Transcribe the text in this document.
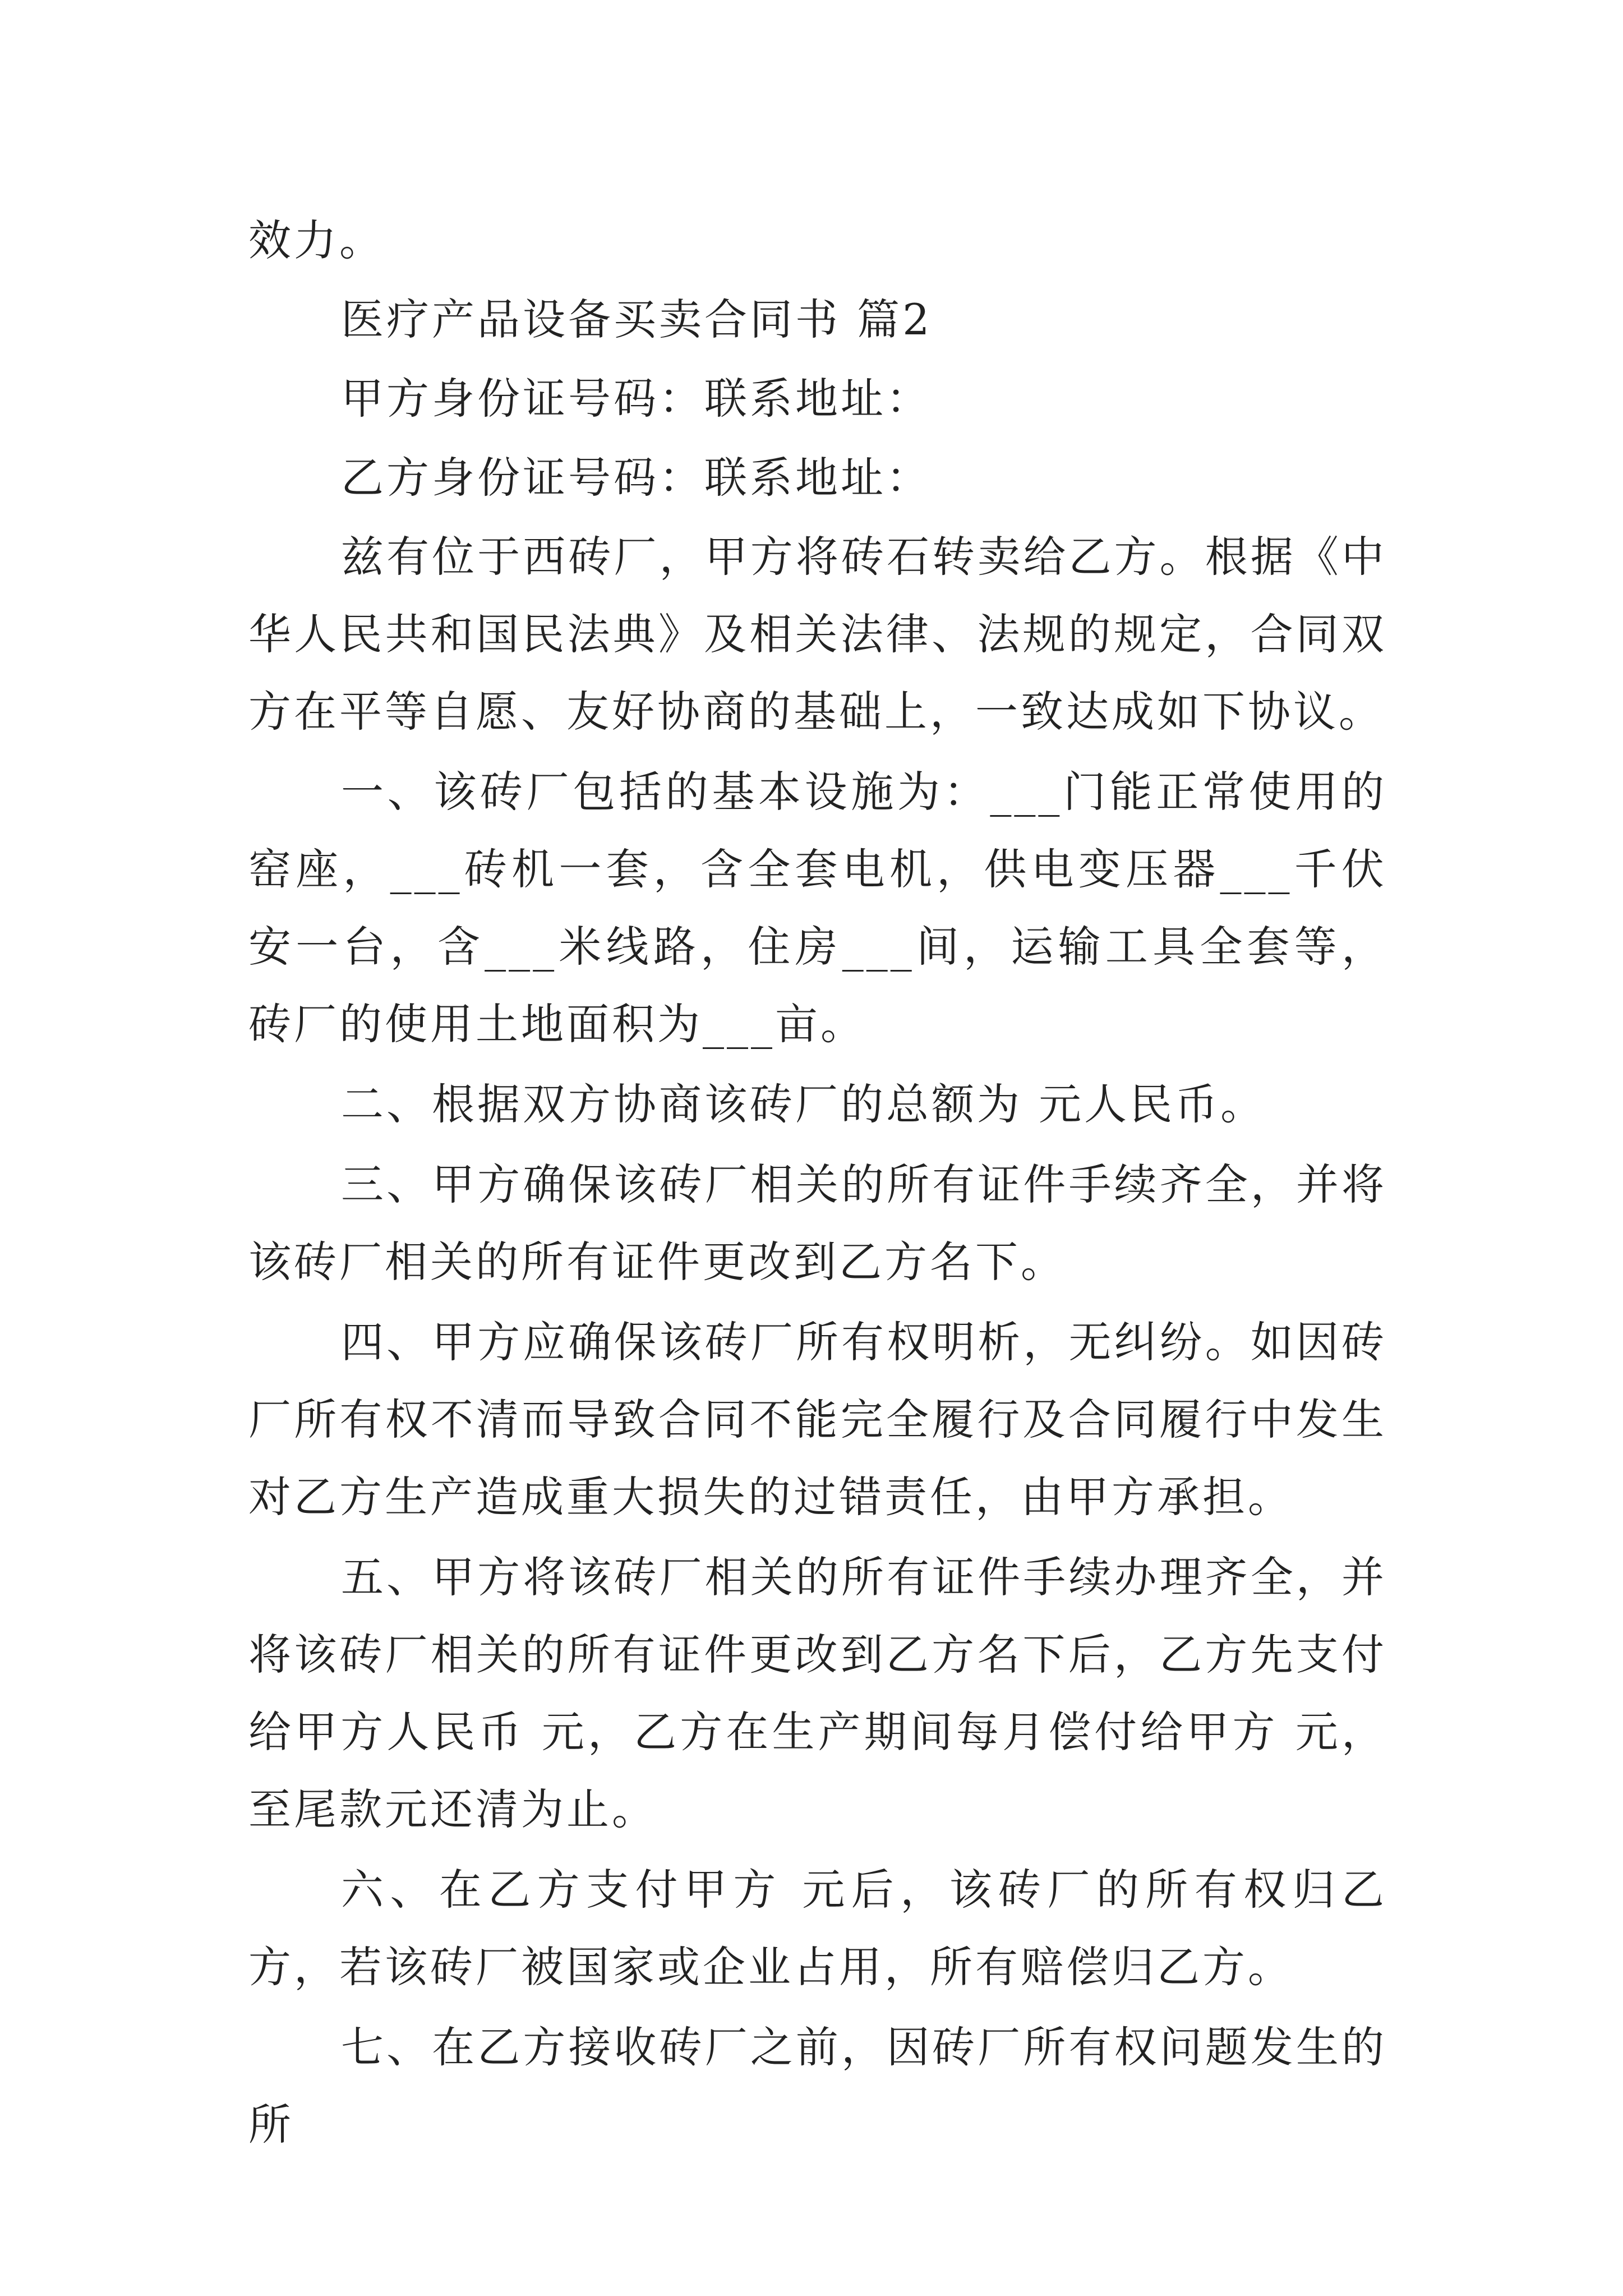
效力。

医疗产品设备买卖合同书 篇2

甲方身份证号码：联系地址：

乙方身份证号码：联系地址：

兹有位于西砖厂，甲方将砖石转卖给乙方。根据《中华人民共和国民法典》及相关法律、法规的规定，合同双方在平等自愿、友好协商的基础上，一致达成如下协议。

一、该砖厂包括的基本设施为：___门能正常使用的窑座，___砖机一套，含全套电机，供电变压器___千伏安一台，含___米线路，住房___间，运输工具全套等，砖厂的使用土地面积为___亩。

二、根据双方协商该砖厂的总额为 元人民币。

三、甲方确保该砖厂相关的所有证件手续齐全，并将该砖厂相关的所有证件更改到乙方名下。

四、甲方应确保该砖厂所有权明析，无纠纷。如因砖厂所有权不清而导致合同不能完全履行及合同履行中发生对乙方生产造成重大损失的过错责任，由甲方承担。

五、甲方将该砖厂相关的所有证件手续办理齐全，并将该砖厂相关的所有证件更改到乙方名下后，乙方先支付给甲方人民币 元，乙方在生产期间每月偿付给甲方 元，至尾款元还清为止。

六、在乙方支付甲方 元后，该砖厂的所有权归乙方，若该砖厂被国家或企业占用，所有赔偿归乙方。

七、在乙方接收砖厂之前，因砖厂所有权问题发生的所
